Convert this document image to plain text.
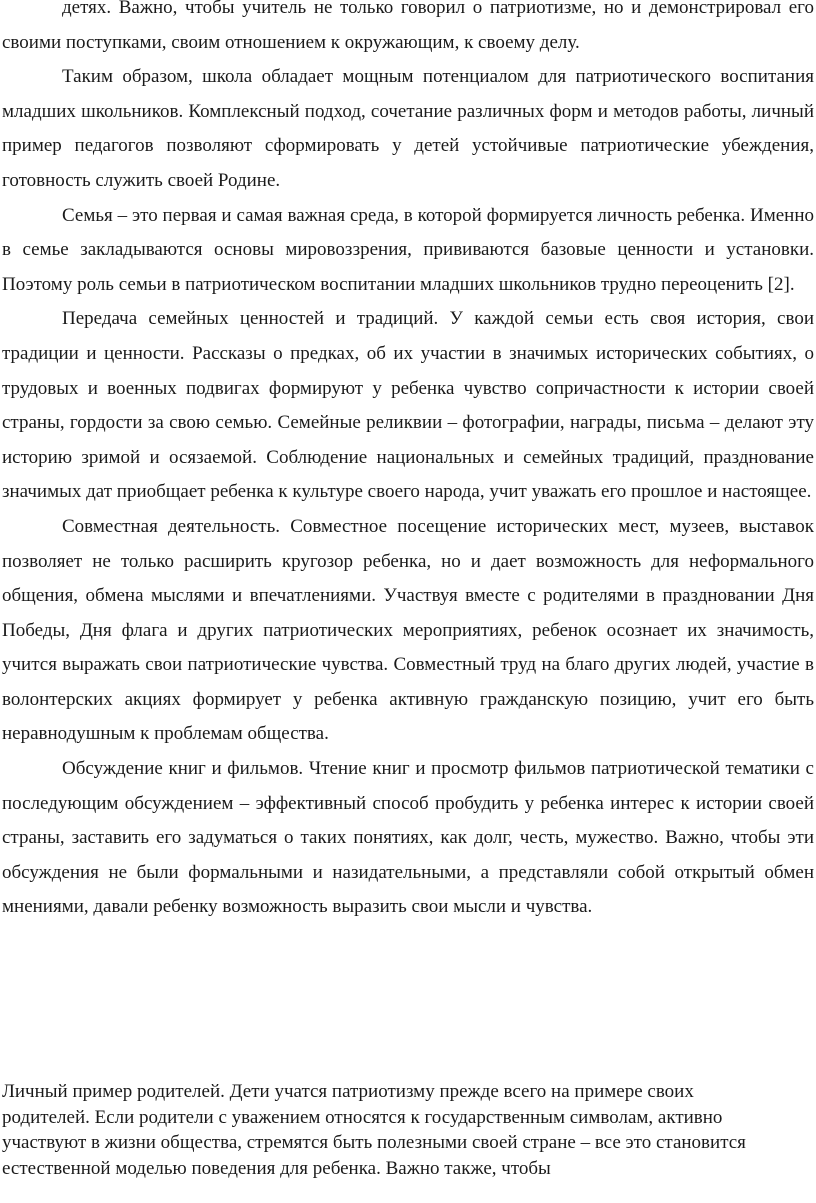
детях. Важно, чтобы учитель не только говорил о патриотизме, но и демонстрировал его своими поступками, своим отношением к окружающим, к своему делу.

Таким образом, школа обладает мощным потенциалом для патриотического воспитания младших школьников. Комплексный подход, сочетание различных форм и методов работы, личный пример педагогов позволяют сформировать у детей устойчивые патриотические убеждения, готовность служить своей Родине.

Семья – это первая и самая важная среда, в которой формируется личность ребенка. Именно в семье закладываются основы мировоззрения, прививаются базовые ценности и установки. Поэтому роль семьи в патриотическом воспитании младших школьников трудно переоценить [2].

Передача семейных ценностей и традиций. У каждой семьи есть своя история, свои традиции и ценности. Рассказы о предках, об их участии в значимых исторических событиях, о трудовых и военных подвигах формируют у ребенка чувство сопричастности к истории своей страны, гордости за свою семью. Семейные реликвии – фотографии, награды, письма – делают эту историю зримой и осязаемой. Соблюдение национальных и семейных традиций, празднование значимых дат приобщает ребенка к культуре своего народа, учит уважать его прошлое и настоящее.

Совместная деятельность. Совместное посещение исторических мест, музеев, выставок позволяет не только расширить кругозор ребенка, но и дает возможность для неформального общения, обмена мыслями и впечатлениями. Участвуя вместе с родителями в праздновании Дня Победы, Дня флага и других патриотических мероприятиях, ребенок осознает их значимость, учится выражать свои патриотические чувства. Совместный труд на благо других людей, участие в волонтерских акциях формирует у ребенка активную гражданскую позицию, учит его быть неравнодушным к проблемам общества.

Обсуждение книг и фильмов. Чтение книг и просмотр фильмов патриотической тематики с последующим обсуждением – эффективный способ пробудить у ребенка интерес к истории своей страны, заставить его задуматься о таких понятиях, как долг, честь, мужество. Важно, чтобы эти обсуждения не были формальными и назидательными, а представляли собой открытый обмен мнениями, давали ребенку возможность выразить свои мысли и чувства.

Личный пример родителей. Дети учатся патриотизму прежде всего на примере своих родителей. Если родители с уважением относятся к государственным символам, активно участвуют в жизни общества, стремятся быть полезными своей стране – все это становится естественной моделью поведения для ребенка. Важно также, чтобы
